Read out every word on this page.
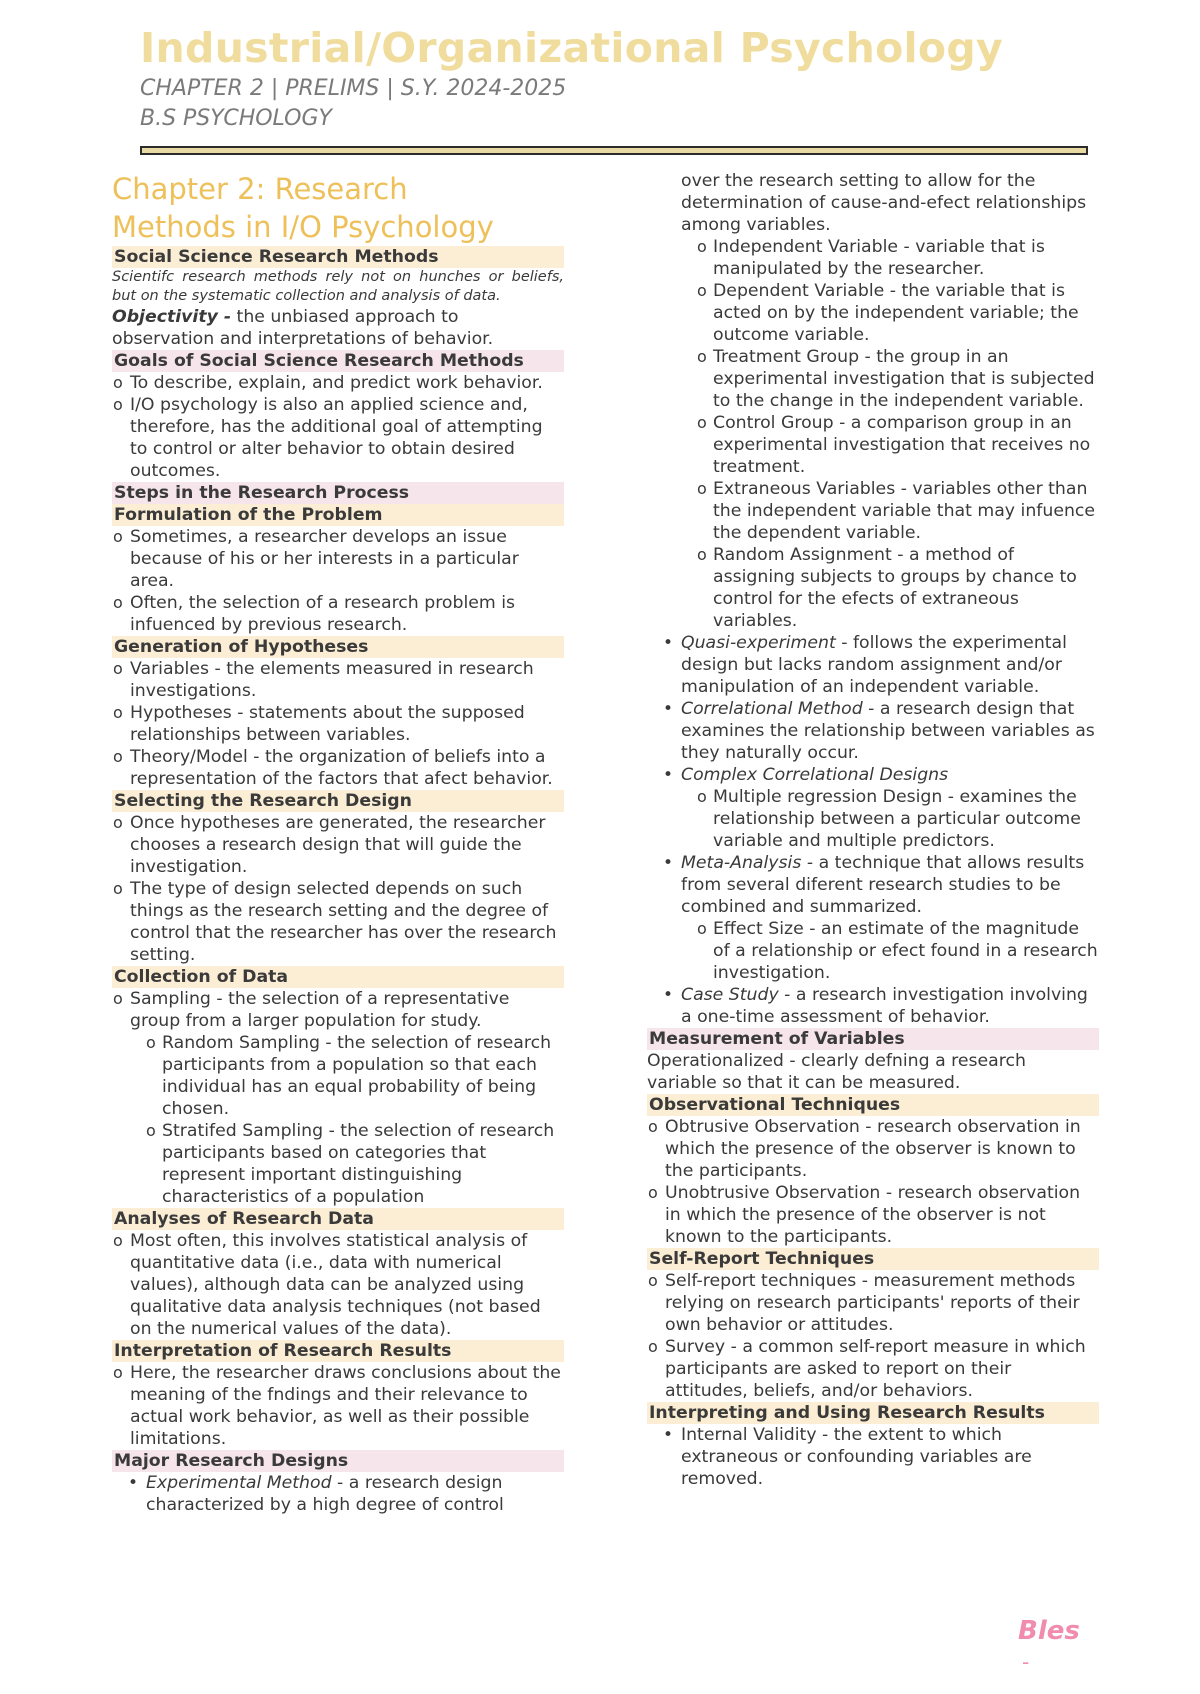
Industrial/Organizational Psychology
CHAPTER 2 | PRELIMS | S.Y. 2024-2025
B.S PSYCHOLOGY
Chapter 2: Research
Methods in I/O Psychology
Social Science Research Methods
Scientifc research methods rely not on hunches or beliefs, but on the systematic collection and analysis of data.

Objectivity - the unbiased approach to observation and interpretations of behavior.

Goals of Social Science Research Methods
o To describe, explain, and predict work behavior.
o I/O psychology is also an applied science and, therefore, has the additional goal of attempting to control or alter behavior to obtain desired outcomes.
Steps in the Research Process
Formulation of the Problem
o Sometimes, a researcher develops an issue because of his or her interests in a particular area.
o Often, the selection of a research problem is infuenced by previous research.
Generation of Hypotheses
o Variables - the elements measured in research investigations.
o Hypotheses - statements about the supposed relationships between variables.
o Theory/Model - the organization of beliefs into a representation of the factors that afect behavior.
Selecting the Research Design
o Once hypotheses are generated, the researcher chooses a research design that will guide the investigation.
o The type of design selected depends on such things as the research setting and the degree of control that the researcher has over the research setting.
Collection of Data
o Sampling - the selection of a representative group from a larger population for study.
o Random Sampling - the selection of research participants from a population so that each individual has an equal probability of being chosen.
o Stratifed Sampling - the selection of research participants based on categories that represent important distinguishing characteristics of a population
Analyses of Research Data
o Most often, this involves statistical analysis of quantitative data (i.e., data with numerical values), although data can be analyzed using qualitative data analysis techniques (not based on the numerical values of the data).
Interpretation of Research Results
o Here, the researcher draws conclusions about the meaning of the fndings and their relevance to actual work behavior, as well as their possible limitations.
Major Research Designs
• Experimental Method - a research design characterized by a high degree of control
over the research setting to allow for the determination of cause-and-efect relationships among variables.
o Independent Variable - variable that is manipulated by the researcher.
o Dependent Variable - the variable that is acted on by the independent variable; the outcome variable.
o Treatment Group - the group in an experimental investigation that is subjected to the change in the independent variable.
o Control Group - a comparison group in an experimental investigation that receives no treatment.
o Extraneous Variables - variables other than the independent variable that may infuence the dependent variable.
o Random Assignment - a method of assigning subjects to groups by chance to control for the efects of extraneous variables.
• Quasi-experiment - follows the experimental design but lacks random assignment and/or manipulation of an independent variable.
• Correlational Method - a research design that examines the relationship between variables as they naturally occur.
• Complex Correlational Designs
o Multiple regression Design - examines the relationship between a particular outcome variable and multiple predictors.
• Meta-Analysis - a technique that allows results from several diferent research studies to be combined and summarized.
o Effect Size - an estimate of the magnitude of a relationship or efect found in a research investigation.
• Case Study - a research investigation involving a one-time assessment of behavior.
Measurement of Variables

Operationalized - clearly defning a research variable so that it can be measured.

Observational Techniques
o Obtrusive Observation - research observation in which the presence of the observer is known to the participants.
o Unobtrusive Observation - research observation in which the presence of the observer is not known to the participants.
Self-Report Techniques
o Self-report techniques - measurement methods relying on research participants' reports of their own behavior or attitudes.
o Survey - a common self-report measure in which participants are asked to report on their attitudes, beliefs, and/or behaviors.
Interpreting and Using Research Results
• Internal Validity - the extent to which extraneous or confounding variables are removed.
Bles
-
